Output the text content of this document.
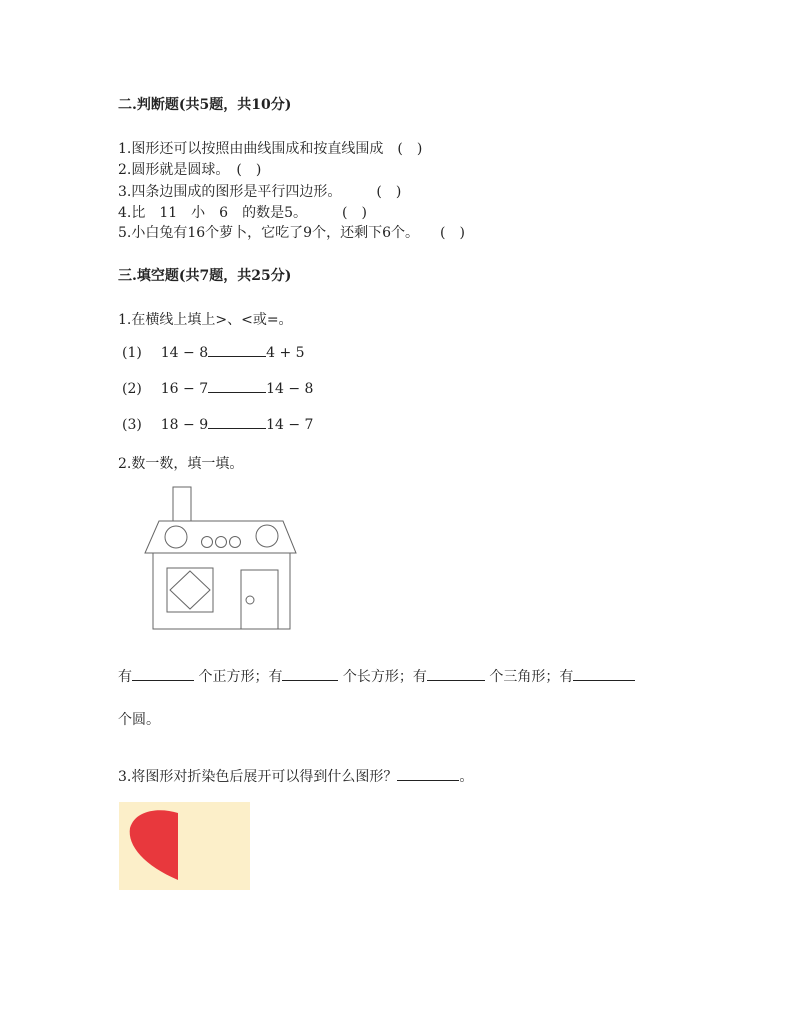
二.判断题(共5题，共10分)
1.图形还可以按照由曲线围成和按直线围成　(　)
2.圆形就是圆球。　(　)
3.四条边围成的图形是平行四边形。　　　(　)
4.比　11　小　6　的数是5。　　　(　)
5.小白兔有16个萝卜，它吃了9个，还剩下6个。　　(　)
三.填空题(共7题，共25分)
1.在横线上填上>、<或=。
(1) 14 − 8	4 + 5
(2) 16 − 7	14 − 8
(3) 18 − 9	14 − 7
2.数一数，填一填。
有	个正方形；有	个长方形；有	个三角形；有
个圆。
3.将图形对折染色后展开可以得到什么图形？	。
